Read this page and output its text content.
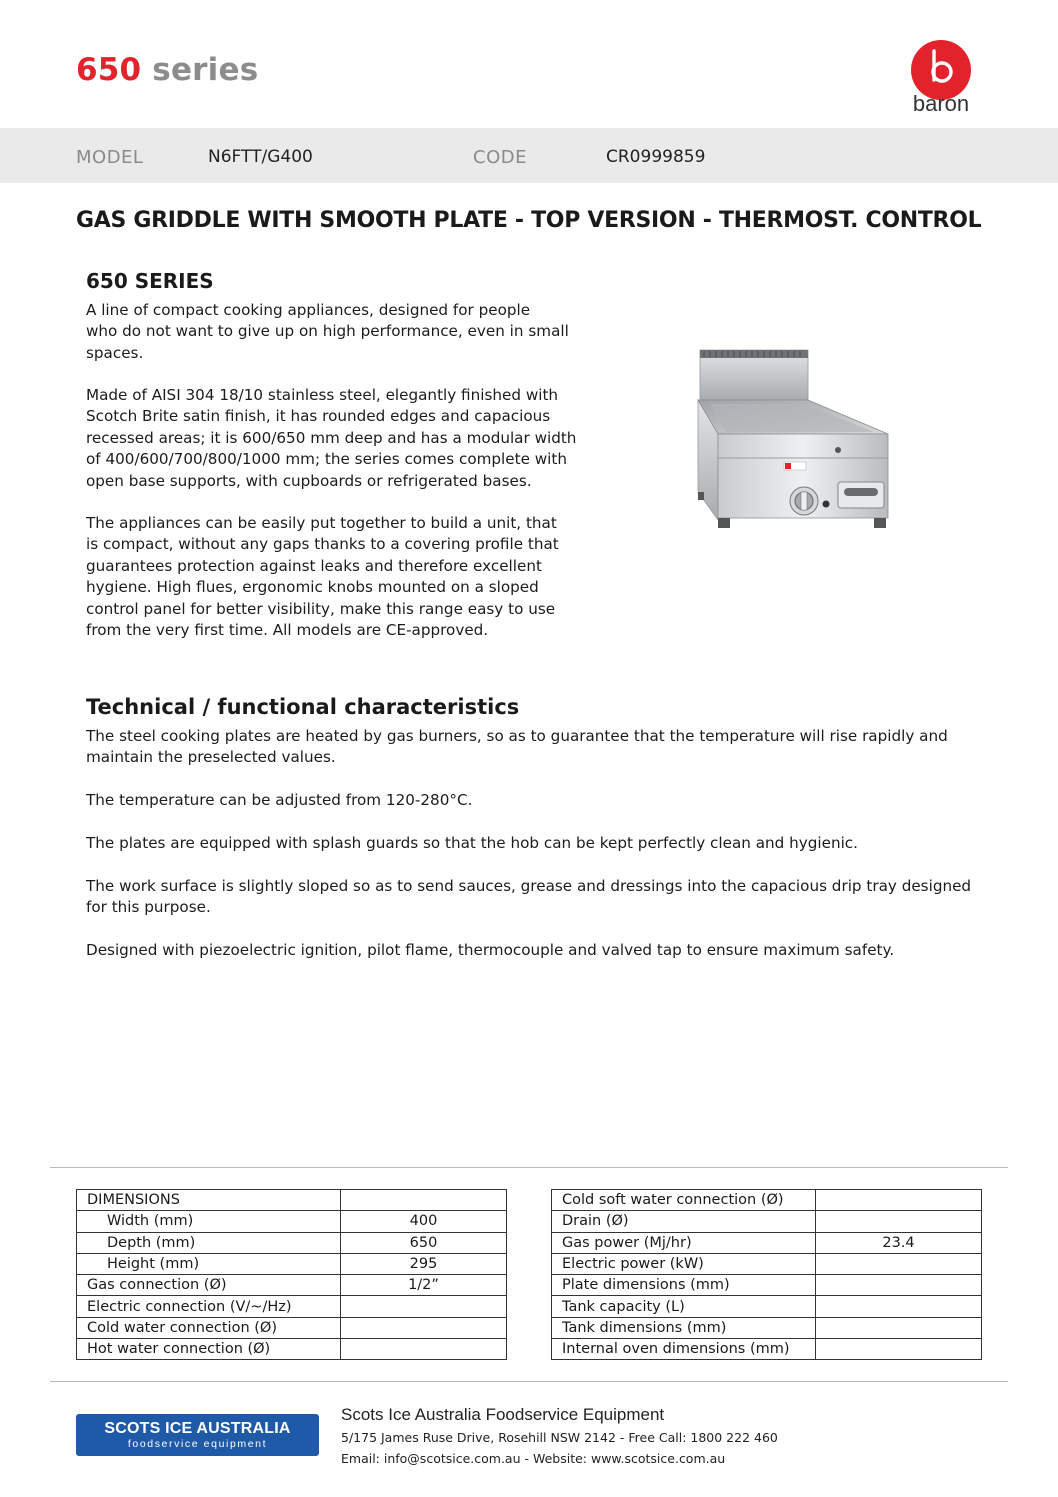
650 series
baron
MODEL	N6FTT/G400	CODE	CR0999859
GAS GRIDDLE WITH SMOOTH PLATE - TOP VERSION - THERMOST. CONTROL
650 SERIES
A line of compact cooking appliances, designed for people
who do not want to give up on high performance, even in small
spaces.
Made of AISI 304 18/10 stainless steel, elegantly finished with
Scotch Brite satin finish, it has rounded edges and capacious
recessed areas; it is 600/650 mm deep and has a modular width
of 400/600/700/800/1000 mm; the series comes complete with
open base supports, with cupboards or refrigerated bases.
The appliances can be easily put together to build a unit, that
is compact, without any gaps thanks to a covering profile that
guarantees protection against leaks and therefore excellent
hygiene. High flues, ergonomic knobs mounted on a sloped
control panel for better visibility, make this range easy to use
from the very first time. All models are CE-approved.
Technical / functional characteristics
The steel cooking plates are heated by gas burners, so as to guarantee that the temperature will rise rapidly and
maintain the preselected values.
The temperature can be adjusted from 120-280°C.
The plates are equipped with splash guards so that the hob can be kept perfectly clean and hygienic.
The work surface is slightly sloped so as to send sauces, grease and dressings into the capacious drip tray designed
for this purpose.
Designed with piezoelectric ignition, pilot flame, thermocouple and valved tap to ensure maximum safety.
DIMENSIONS	
Width (mm)	400
Depth (mm)	650
Height (mm)	295
Gas connection (Ø)	1/2”
Electric connection (V/~/Hz)	
Cold water connection (Ø)	
Hot water connection (Ø)	
Cold soft water connection (Ø)	
Drain (Ø)	
Gas power (Mj/hr)	23.4
Electric power (kW)	
Plate dimensions (mm)	
Tank capacity (L)	
Tank dimensions (mm)	
Internal oven dimensions (mm)	
SCOTS ICE AUSTRALIA
foodservice equipment
Scots Ice Australia Foodservice Equipment
5/175 James Ruse Drive, Rosehill NSW 2142 - Free Call: 1800 222 460
Email: info@scotsice.com.au - Website: www.scotsice.com.au
